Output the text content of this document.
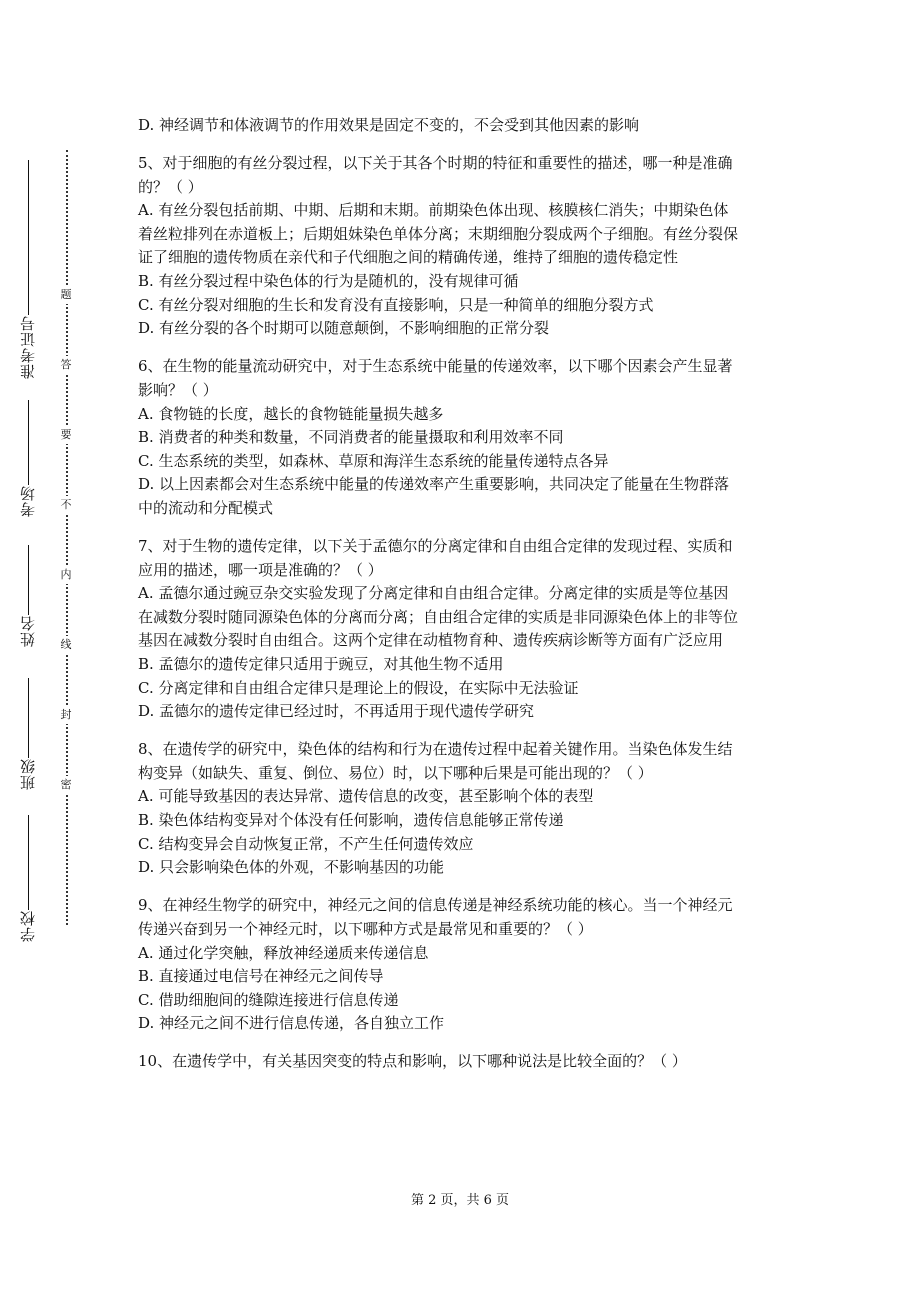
准考证号
考场
姓名
班级
学校
题
答
要
不
内
线
封
密
D. 神经调节和体液调节的作用效果是固定不变的，不会受到其他因素的影响
5、对于细胞的有丝分裂过程，以下关于其各个时期的特征和重要性的描述，哪一种是准确
的？（ ）
A. 有丝分裂包括前期、中期、后期和末期。前期染色体出现、核膜核仁消失；中期染色体
着丝粒排列在赤道板上；后期姐妹染色单体分离；末期细胞分裂成两个子细胞。有丝分裂保
证了细胞的遗传物质在亲代和子代细胞之间的精确传递，维持了细胞的遗传稳定性
B. 有丝分裂过程中染色体的行为是随机的，没有规律可循
C. 有丝分裂对细胞的生长和发育没有直接影响，只是一种简单的细胞分裂方式
D. 有丝分裂的各个时期可以随意颠倒，不影响细胞的正常分裂
6、在生物的能量流动研究中，对于生态系统中能量的传递效率，以下哪个因素会产生显著
影响？（ ）
A. 食物链的长度，越长的食物链能量损失越多
B. 消费者的种类和数量，不同消费者的能量摄取和利用效率不同
C. 生态系统的类型，如森林、草原和海洋生态系统的能量传递特点各异
D. 以上因素都会对生态系统中能量的传递效率产生重要影响，共同决定了能量在生物群落
中的流动和分配模式
7、对于生物的遗传定律，以下关于孟德尔的分离定律和自由组合定律的发现过程、实质和
应用的描述，哪一项是准确的？（ ）
A. 孟德尔通过豌豆杂交实验发现了分离定律和自由组合定律。分离定律的实质是等位基因
在减数分裂时随同源染色体的分离而分离；自由组合定律的实质是非同源染色体上的非等位
基因在减数分裂时自由组合。这两个定律在动植物育种、遗传疾病诊断等方面有广泛应用
B. 孟德尔的遗传定律只适用于豌豆，对其他生物不适用
C. 分离定律和自由组合定律只是理论上的假设，在实际中无法验证
D. 孟德尔的遗传定律已经过时，不再适用于现代遗传学研究
8、在遗传学的研究中，染色体的结构和行为在遗传过程中起着关键作用。当染色体发生结
构变异（如缺失、重复、倒位、易位）时，以下哪种后果是可能出现的？（ ）
A. 可能导致基因的表达异常、遗传信息的改变，甚至影响个体的表型
B. 染色体结构变异对个体没有任何影响，遗传信息能够正常传递
C. 结构变异会自动恢复正常，不产生任何遗传效应
D. 只会影响染色体的外观，不影响基因的功能
9、在神经生物学的研究中，神经元之间的信息传递是神经系统功能的核心。当一个神经元
传递兴奋到另一个神经元时，以下哪种方式是最常见和重要的？（ ）
A. 通过化学突触，释放神经递质来传递信息
B. 直接通过电信号在神经元之间传导
C. 借助细胞间的缝隙连接进行信息传递
D. 神经元之间不进行信息传递，各自独立工作
10、在遗传学中，有关基因突变的特点和影响，以下哪种说法是比较全面的？（ ）
第 2 页，共 6 页
